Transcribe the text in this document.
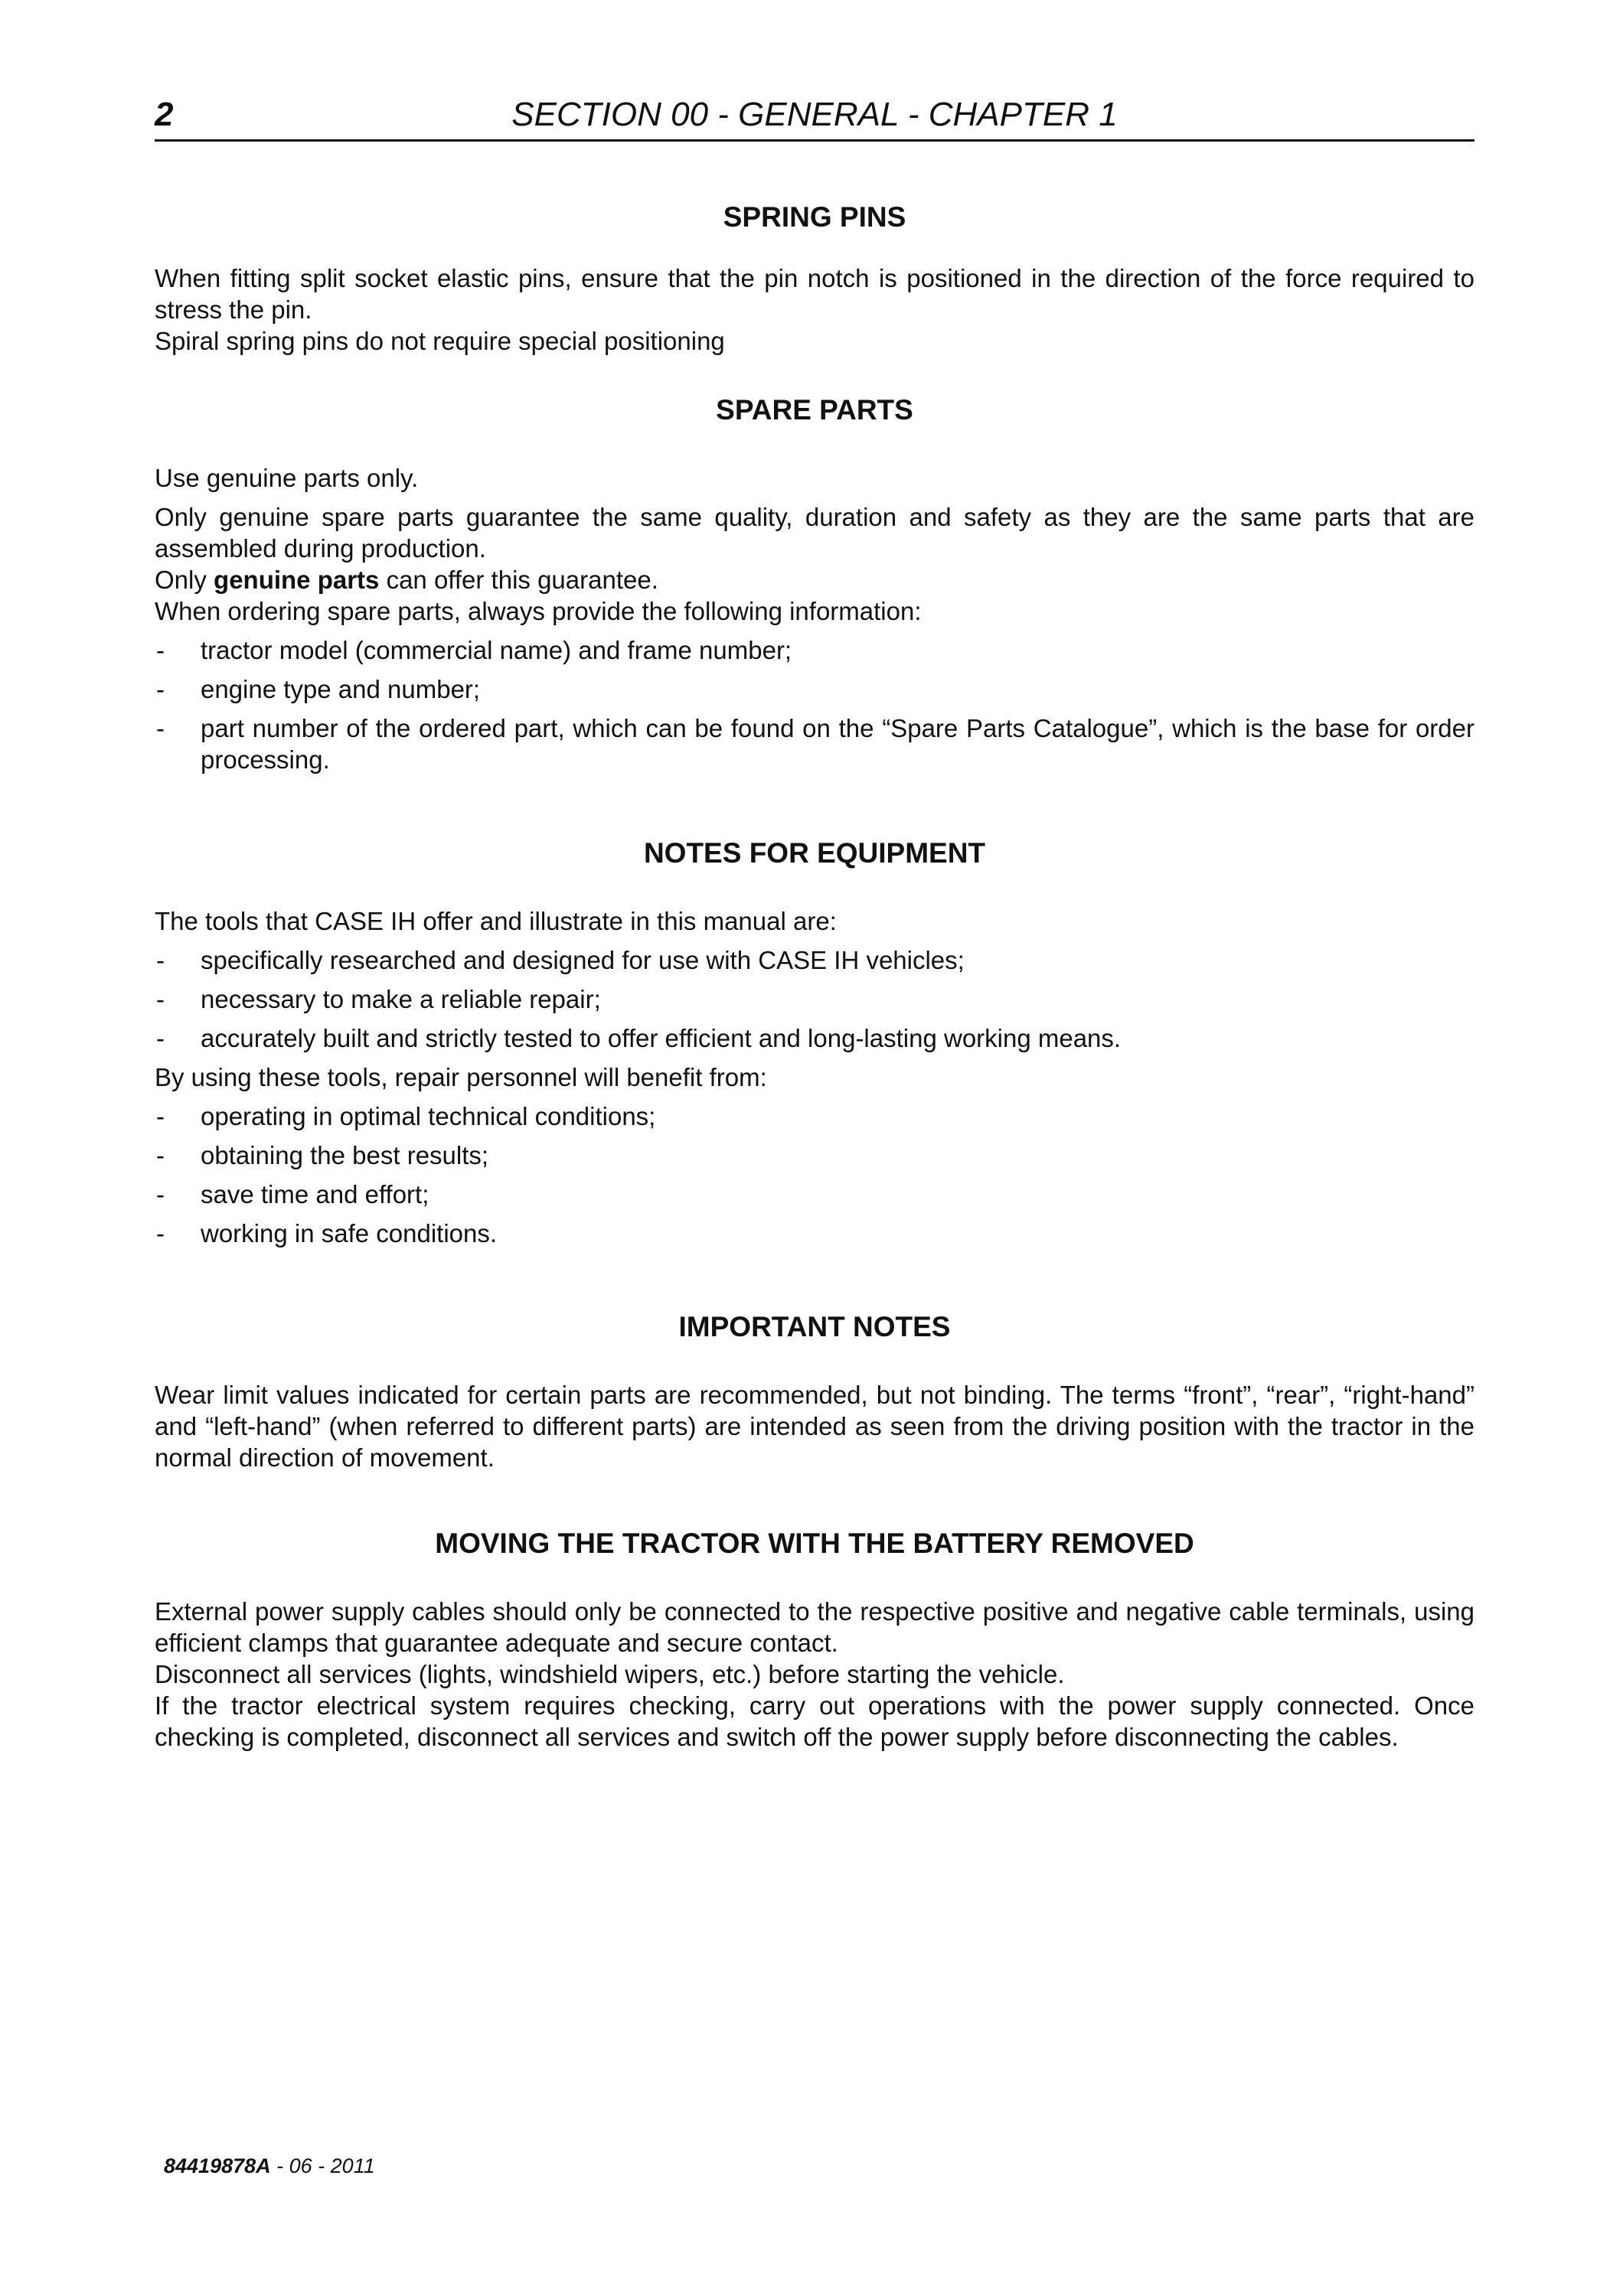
2	SECTION 00 - GENERAL - CHAPTER 1
SPRING PINS

When fitting split socket elastic pins, ensure that the pin notch is positioned in the direction of the force required to stress the pin.

Spiral spring pins do not require special positioning

SPARE PARTS

Use genuine parts only.

Only genuine spare parts guarantee the same quality, duration and safety as they are the same parts that are assembled during production.

Only genuine parts can offer this guarantee.

When ordering spare parts, always provide the following information:

- tractor model (commercial name) and frame number;
- engine type and number;
- part number of the ordered part, which can be found on the “Spare Parts Catalogue”, which is the base for order processing.
NOTES FOR EQUIPMENT

The tools that CASE IH offer and illustrate in this manual are:

- specifically researched and designed for use with CASE IH vehicles;
- necessary to make a reliable repair;
- accurately built and strictly tested to offer efficient and long-lasting working means.

By using these tools, repair personnel will benefit from:

- operating in optimal technical conditions;
- obtaining the best results;
- save time and effort;
- working in safe conditions.
IMPORTANT NOTES

Wear limit values indicated for certain parts are recommended, but not binding. The terms “front”, “rear”, “right-hand” and “left-hand” (when referred to different parts) are intended as seen from the driving position with the tractor in the normal direction of movement.

MOVING THE TRACTOR WITH THE BATTERY REMOVED

External power supply cables should only be connected to the respective positive and negative cable terminals, using efficient clamps that guarantee adequate and secure contact.

Disconnect all services (lights, windshield wipers, etc.) before starting the vehicle.

If the tractor electrical system requires checking, carry out operations with the power supply connected. Once checking is completed, disconnect all services and switch off the power supply before disconnecting the cables.

84419878A - 06 - 2011
